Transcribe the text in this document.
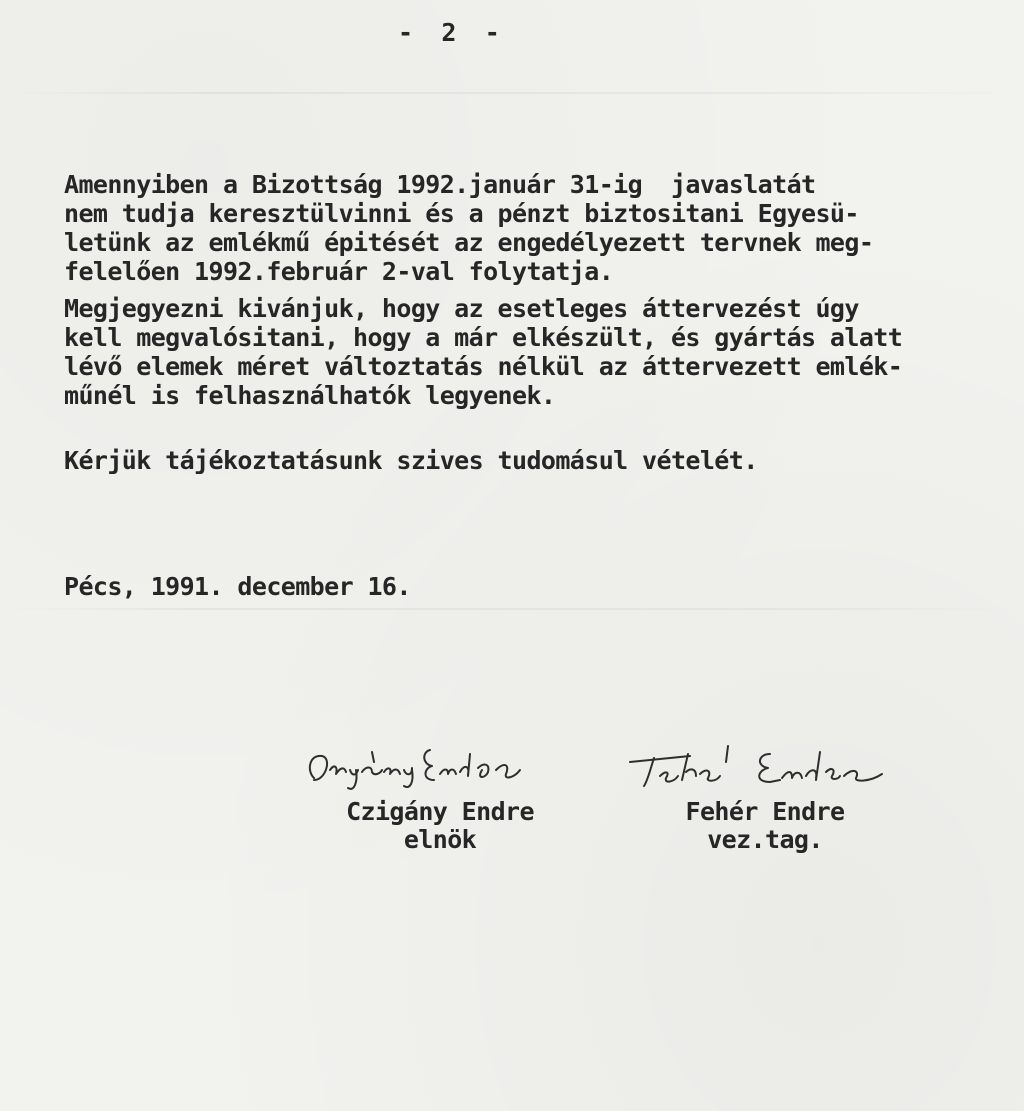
-  2  -
Amennyiben a Bizottság 1992.január 31-ig  javaslatát
nem tudja keresztülvinni és a pénzt biztositani Egyesü-
letünk az emlékmű épitését az engedélyezett tervnek meg-
felelően 1992.február 2-val folytatja.
Megjegyezni kivánjuk, hogy az esetleges áttervezést úgy
kell megvalósitani, hogy a már elkészült, és gyártás alatt
lévő elemek méret változtatás nélkül az áttervezett emlék-
műnél is felhasználhatók legyenek.
Kérjük tájékoztatásunk szives tudomásul vételét.
Pécs, 1991. december 16.
Czigány Endre
elnök
Fehér Endre
vez.tag.
